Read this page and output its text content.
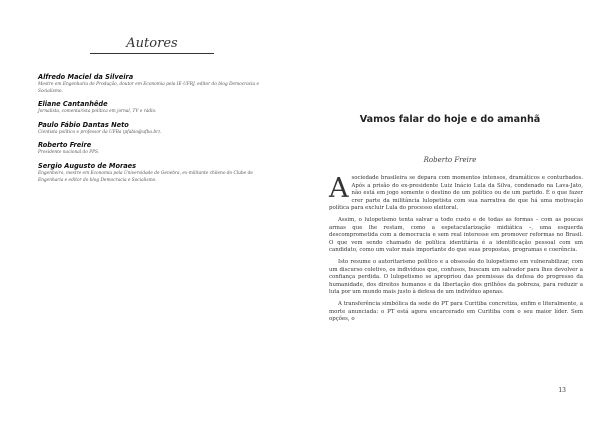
Autores
Alfredo Maciel da Silveira
Mestre em Engenharia de Produção, doutor em Economia pela IE-UFRJ, editor do blog Democracia e Socialismo.
Eliane Cantanhêde
Jornalista, comentarista política em jornal, TV e rádio.
Paulo Fábio Dantas Neto
Cientista político e professor da UFBa (pfabio@ufba.br).
Roberto Freire
Presidente nacional do PPS.
Sergio Augusto de Moraes
Engenheiro, mestre em Economia pela Universidade de Genebra, ex-militante chileno do Clube de Engenharia e editor do blog Democracia e Socialismo.
Vamos falar do hoje e do amanhã
Roberto Freire

Asociedade brasileira se depara com momentos intensos, dramáticos e conturbados. Após a prisão do ex-presidente Luiz Inácio Lula da Silva, condenado na Lava-Jato, não está em jogo somente o destino de um político ou de um partido. É o que fazer crer parte da militância lulopetista com sua narrativa de que há uma motivação política para excluir Lula do processo eleitoral.

Assim, o lulopetismo tenta salvar a todo custo e de todas as formas – com as poucas armas que lhe restam, como a espetacularização midiática –, uma esquerda descomprometida com a democracia e sem real interesse em promover reformas no Brasil. O que vem sendo chamado de política identitária é a identificação pessoal com um candidato, como um valor mais importante do que suas propostas, programas e coerência.

Isto resume o autoritarismo político e a obsessão do lulopetismo em vulnerabilizar, com um discurso coletivo, os indivíduos que, confusos, buscam um salvador para lhes devolver a confiança perdida. O lulopetismo se apropriou das premissas da defesa do progresso da humanidade, dos direitos humanos e da libertação dos grilhões da pobreza, para reduzir a luta por um mundo mais justo à defesa de um indivíduo apenas.

A transferência simbólica da sede do PT para Curitiba concretiza, enfim e literalmente, a morte anunciada: o PT está agora encarcerado em Curitiba com o seu maior líder. Sem opções, o

13
